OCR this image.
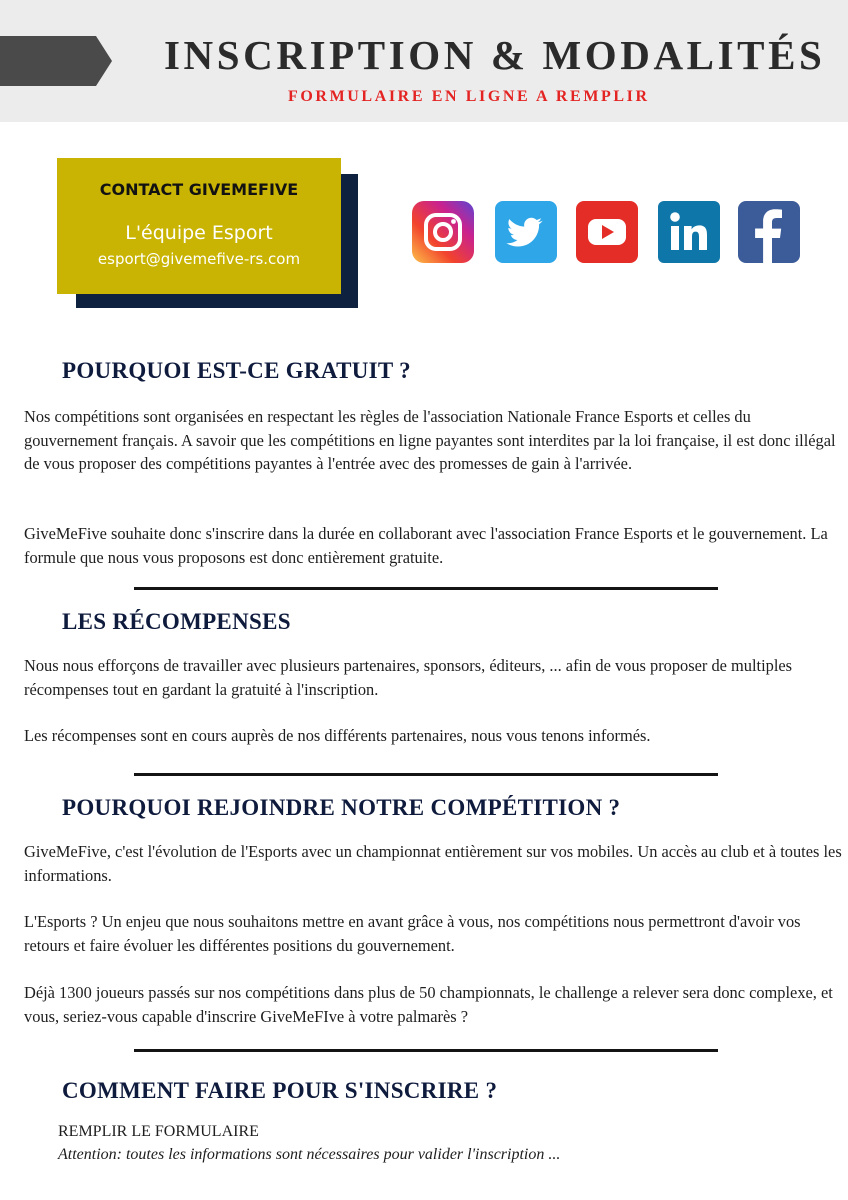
INSCRIPTION & MODALITÉS
FORMULAIRE EN LIGNE A REMPLIR
CONTACT GIVEMEFIVE
L'équipe Esport
esport@givemefive-rs.com
POURQUOI EST-CE GRATUIT ?

Nos compétitions sont organisées en respectant les règles de l'association Nationale France Esports et celles du gouvernement français. A savoir que les compétitions en ligne payantes sont interdites par la loi française, il est donc illégal de vous proposer des compétitions payantes à l'entrée avec des promesses de gain à l'arrivée.

GiveMeFive souhaite donc s'inscrire dans la durée en collaborant avec l'association France Esports et le gouvernement. La formule que nous vous proposons est donc entièrement gratuite.

LES RÉCOMPENSES

Nous nous efforçons de travailler avec plusieurs partenaires, sponsors, éditeurs, ... afin de vous proposer de multiples récompenses tout en gardant la gratuité à l'inscription.

Les récompenses sont en cours auprès de nos différents partenaires, nous vous tenons informés.

POURQUOI REJOINDRE NOTRE COMPÉTITION ?

GiveMeFive, c'est l'évolution de l'Esports avec un championnat entièrement sur vos mobiles. Un accès au club et à toutes les informations.

L'Esports ? Un enjeu que nous souhaitons mettre en avant grâce à vous, nos compétitions nous permettront d'avoir vos retours et faire évoluer les différentes positions du gouvernement.

Déjà 1300 joueurs passés sur nos compétitions dans plus de 50 championnats, le challenge a relever sera donc complexe, et vous, seriez-vous capable d'inscrire GiveMeFIve à votre palmarès ?

COMMENT FAIRE POUR S'INSCRIRE ?
REMPLIR LE FORMULAIRE
Attention: toutes les informations sont nécessaires pour valider l'inscription ...
